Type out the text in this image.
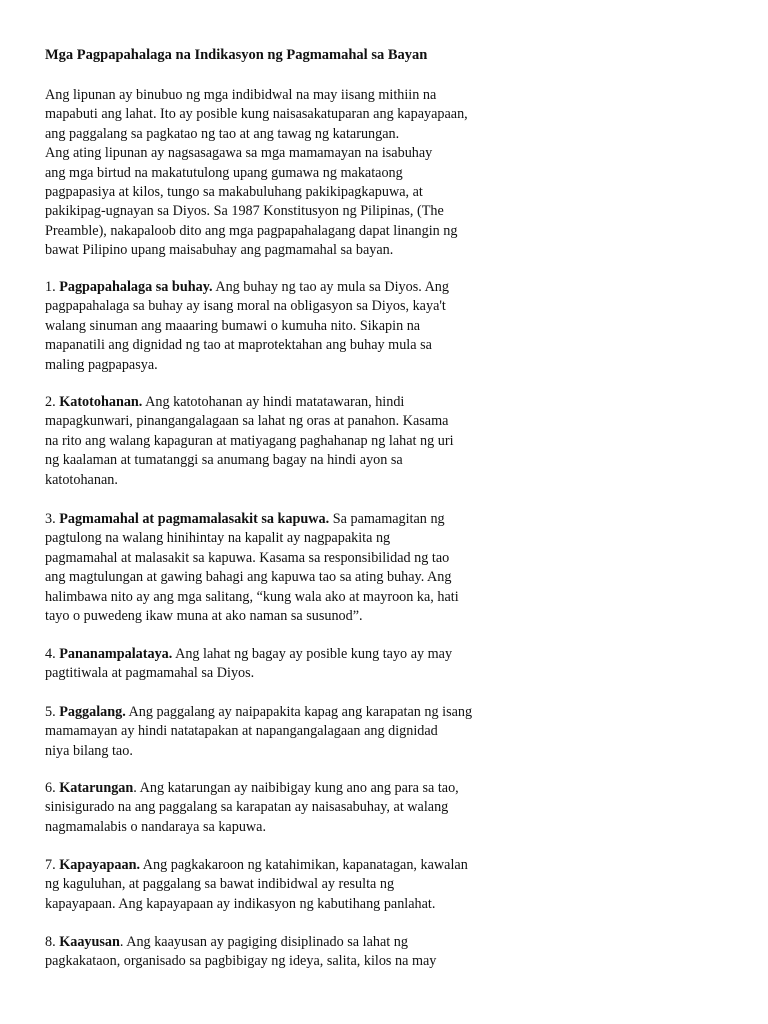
Mga Pagpapahalaga na Indikasyon ng Pagmamahal sa Bayan
Ang lipunan ay binubuo ng mga indibidwal na may iisang mithiin na
mapabuti ang lahat. Ito ay posible kung naisasakatuparan ang kapayapaan,
ang paggalang sa pagkatao ng tao at ang tawag ng katarungan.
Ang ating lipunan ay nagsasagawa sa mga mamamayan na isabuhay
ang mga birtud na makatutulong upang gumawa ng makataong
pagpapasiya at kilos, tungo sa makabuluhang pakikipagkapuwa, at
pakikipag-ugnayan sa Diyos. Sa 1987 Konstitusyon ng Pilipinas, (The
Preamble), nakapaloob dito ang mga pagpapahalagang dapat linangin ng
bawat Pilipino upang maisabuhay ang pagmamahal sa bayan.
1. Pagpapahalaga sa buhay. Ang buhay ng tao ay mula sa Diyos. Ang
pagpapahalaga sa buhay ay isang moral na obligasyon sa Diyos, kaya't
walang sinuman ang maaaring bumawi o kumuha nito. Sikapin na
mapanatili ang dignidad ng tao at maprotektahan ang buhay mula sa
maling pagpapasya.
2. Katotohanan. Ang katotohanan ay hindi matatawaran, hindi
mapagkunwari, pinangangalagaan sa lahat ng oras at panahon. Kasama
na rito ang walang kapaguran at matiyagang paghahanap ng lahat ng uri
ng kaalaman at tumatanggi sa anumang bagay na hindi ayon sa
katotohanan.
3. Pagmamahal at pagmamalasakit sa kapuwa. Sa pamamagitan ng
pagtulong na walang hinihintay na kapalit ay nagpapakita ng
pagmamahal at malasakit sa kapuwa. Kasama sa responsibilidad ng tao
ang magtulungan at gawing bahagi ang kapuwa tao sa ating buhay. Ang
halimbawa nito ay ang mga salitang, “kung wala ako at mayroon ka, hati
tayo o puwedeng ikaw muna at ako naman sa susunod”.
4. Pananampalataya. Ang lahat ng bagay ay posible kung tayo ay may
pagtitiwala at pagmamahal sa Diyos.
5. Paggalang. Ang paggalang ay naipapakita kapag ang karapatan ng isang
mamamayan ay hindi natatapakan at napangangalagaan ang dignidad
niya bilang tao.
6. Katarungan. Ang katarungan ay naibibigay kung ano ang para sa tao,
sinisigurado na ang paggalang sa karapatan ay naisasabuhay, at walang
nagmamalabis o nandaraya sa kapuwa.
7. Kapayapaan. Ang pagkakaroon ng katahimikan, kapanatagan, kawalan
ng kaguluhan, at paggalang sa bawat indibidwal ay resulta ng
kapayapaan. Ang kapayapaan ay indikasyon ng kabutihang panlahat.
8. Kaayusan. Ang kaayusan ay pagiging disiplinado sa lahat ng
pagkakataon, organisado sa pagbibigay ng ideya, salita, kilos na may
